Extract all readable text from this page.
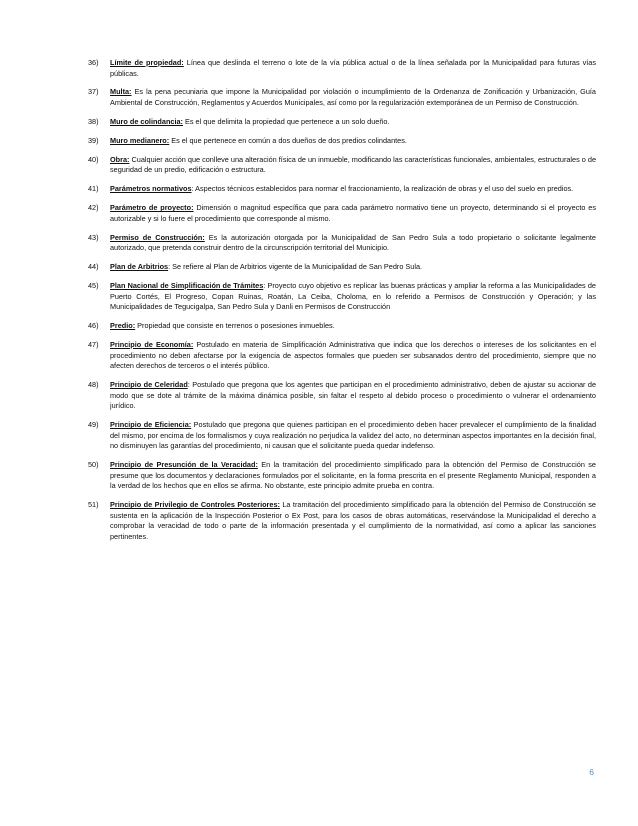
36) Límite de propiedad: Línea que deslinda el terreno o lote de la vía pública actual o de la línea señalada por la Municipalidad para futuras vías públicas.
37) Multa: Es la pena pecuniaria que impone la Municipalidad por violación o incumplimiento de la Ordenanza de Zonificación y Urbanización, Guía Ambiental de Construcción, Reglamentos y Acuerdos Municipales, así como por la regularización extemporánea de un Permiso de Construcción.
38) Muro de colindancia: Es el que delimita la propiedad que pertenece a un solo dueño.
39) Muro medianero: Es el que pertenece en común a dos dueños de dos predios colindantes.
40) Obra: Cualquier acción que conlleve una alteración física de un inmueble, modificando las características funcionales, ambientales, estructurales o de seguridad de un predio, edificación o estructura.
41) Parámetros normativos: Aspectos técnicos establecidos para normar el fraccionamiento, la realización de obras y el uso del suelo en predios.
42) Parámetro de proyecto: Dimensión o magnitud específica que para cada parámetro normativo tiene un proyecto, determinando si el proyecto es autorizable y si lo fuere el procedimiento que corresponde al mismo.
43) Permiso de Construcción: Es la autorización otorgada por la Municipalidad de San Pedro Sula a todo propietario o solicitante legalmente autorizado, que pretenda construir dentro de la circunscripción territorial del Municipio.
44) Plan de Arbitrios: Se refiere al Plan de Arbitrios vigente de la Municipalidad de San Pedro Sula.
45) Plan Nacional de Simplificación de Trámites: Proyecto cuyo objetivo es replicar las buenas prácticas y ampliar la reforma a las Municipalidades de Puerto Cortés, El Progreso, Copan Ruinas, Roatán, La Ceiba, Choloma, en lo referido a Permisos de Construcción y Operación; y las Municipalidades de Tegucigalpa, San Pedro Sula y Danli en Permisos de Construcción
46) Predio: Propiedad que consiste en terrenos o posesiones inmuebles.
47) Principio de Economía: Postulado en materia de Simplificación Administrativa que indica que los derechos o intereses de los solicitantes en el procedimiento no deben afectarse por la exigencia de aspectos formales que pueden ser subsanados dentro del procedimiento, siempre que no afecten derechos de terceros o el interés público.
48) Principio de Celeridad: Postulado que pregona que los agentes que participan en el procedimiento administrativo, deben de ajustar su accionar de modo que se dote al trámite de la máxima dinámica posible, sin faltar el respeto al debido proceso o procedimiento o vulnerar el ordenamiento jurídico.
49) Principio de Eficiencia: Postulado que pregona que quienes participan en el procedimiento deben hacer prevalecer el cumplimiento de la finalidad del mismo, por encima de los formalismos y cuya realización no perjudica la validez del acto, no determinan aspectos importantes en la decisión final, no disminuyen las garantías del procedimiento, ni causan que el solicitante pueda quedar indefenso.
50) Principio de Presunción de la Veracidad: En la tramitación del procedimiento simplificado para la obtención del Permiso de Construcción se presume que los documentos y declaraciones formulados por el solicitante, en la forma prescrita en el presente Reglamento Municipal, responden a la verdad de los hechos que en ellos se afirma. No obstante, este principio admite prueba en contra.
51) Principio de Privilegio de Controles Posteriores: La tramitación del procedimiento simplificado para la obtención del Permiso de Construcción se sustenta en la aplicación de la Inspección Posterior o Ex Post, para los casos de obras automáticas, reservándose la Municipalidad el derecho a comprobar la veracidad de todo o parte de la información presentada y el cumplimiento de la normatividad, así como a aplicar las sanciones pertinentes.
6
